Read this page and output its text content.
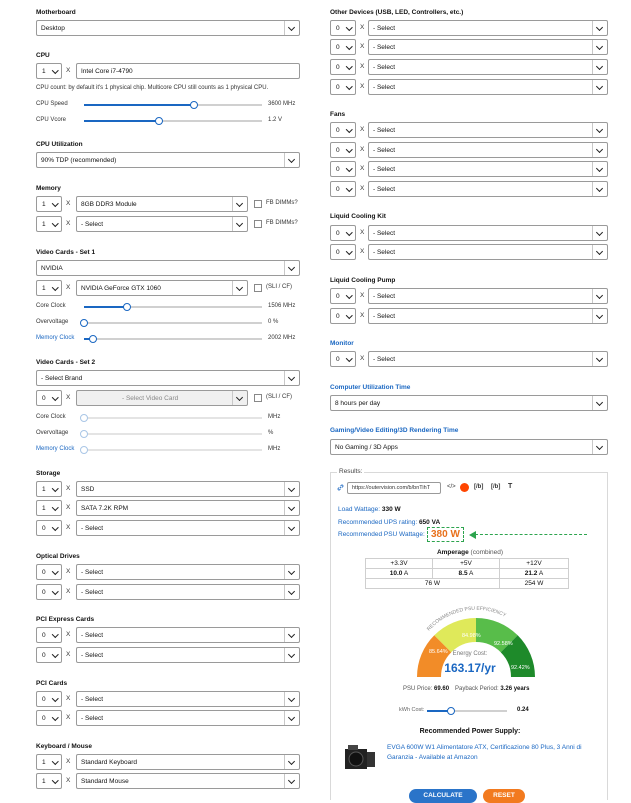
Motherboard
Desktop
CPU
1	X Intel Core i7-4790
CPU count: by default it's 1 physical chip. Multicore CPU still counts as 1 physical CPU.
CPU Speed	3600 MHz
CPU Vcore	1.2 V
CPU Utilization
90% TDP (recommended)
Memory
1	X 8GB DDR3 Module	FB DIMMs?
1	X - Select	FB DIMMs?
Video Cards - Set 1
NVIDIA
1	X NVIDIA GeForce GTX 1060	(SLI / CF)
Core Clock	1506 MHz
Overvoltage	0 %
Memory Clock	2002 MHz
Video Cards - Set 2
- Select Brand
0	X	- Select Video Card	(SLI / CF)
Core Clock	MHz
Overvoltage	%
Memory Clock	MHz
Storage
1	X SSD
1	X SATA 7.2K RPM
0	X - Select
Optical Drives
0	X - Select
0	X - Select
PCI Express Cards
0	X - Select
0	X - Select
PCI Cards
0	X - Select
0	X - Select
Keyboard / Mouse
1	X Standard Keyboard
1	X Standard Mouse
Other Devices (USB, LED, Controllers, etc.)
0	X - Select
0	X - Select
0	X - Select
0	X - Select
Fans
0	X - Select
0	X - Select
0	X - Select
0	X - Select
Liquid Cooling Kit
0	X - Select
0	X - Select
Liquid Cooling Pump
0	X - Select
0	X - Select
Monitor
0	X - Select
Computer Utilization Time
8 hours per day
Gaming/Video Editing/3D Rendering Time
No Gaming / 3D Apps
Results:
https://outervision.com/b/bnTihT	</>	[/b] [/b] T
Load Wattage: 330 W
Recommended UPS rating: 650 VA
Recommended PSU Wattage: 380 W
Amperage (combined)
+3.3V	+5V	+12V
10.0 A	8.5 A	21.2 A
76 W		254 W
RECOMMENDED PSU EFFICIENCY
85.64%
84.98%
92.58%
92.42%
Energy Cost:
163.17/yr
PSU Price: 69.60 Payback Period: 3.26 years
kWh Cost:	0.24
Recommended Power Supply:
EVGA 600W W1 Alimentatore ATX, Certificazione 80 Plus, 3 Anni di Garanzia - Available at Amazon
CALCULATE	RESET
